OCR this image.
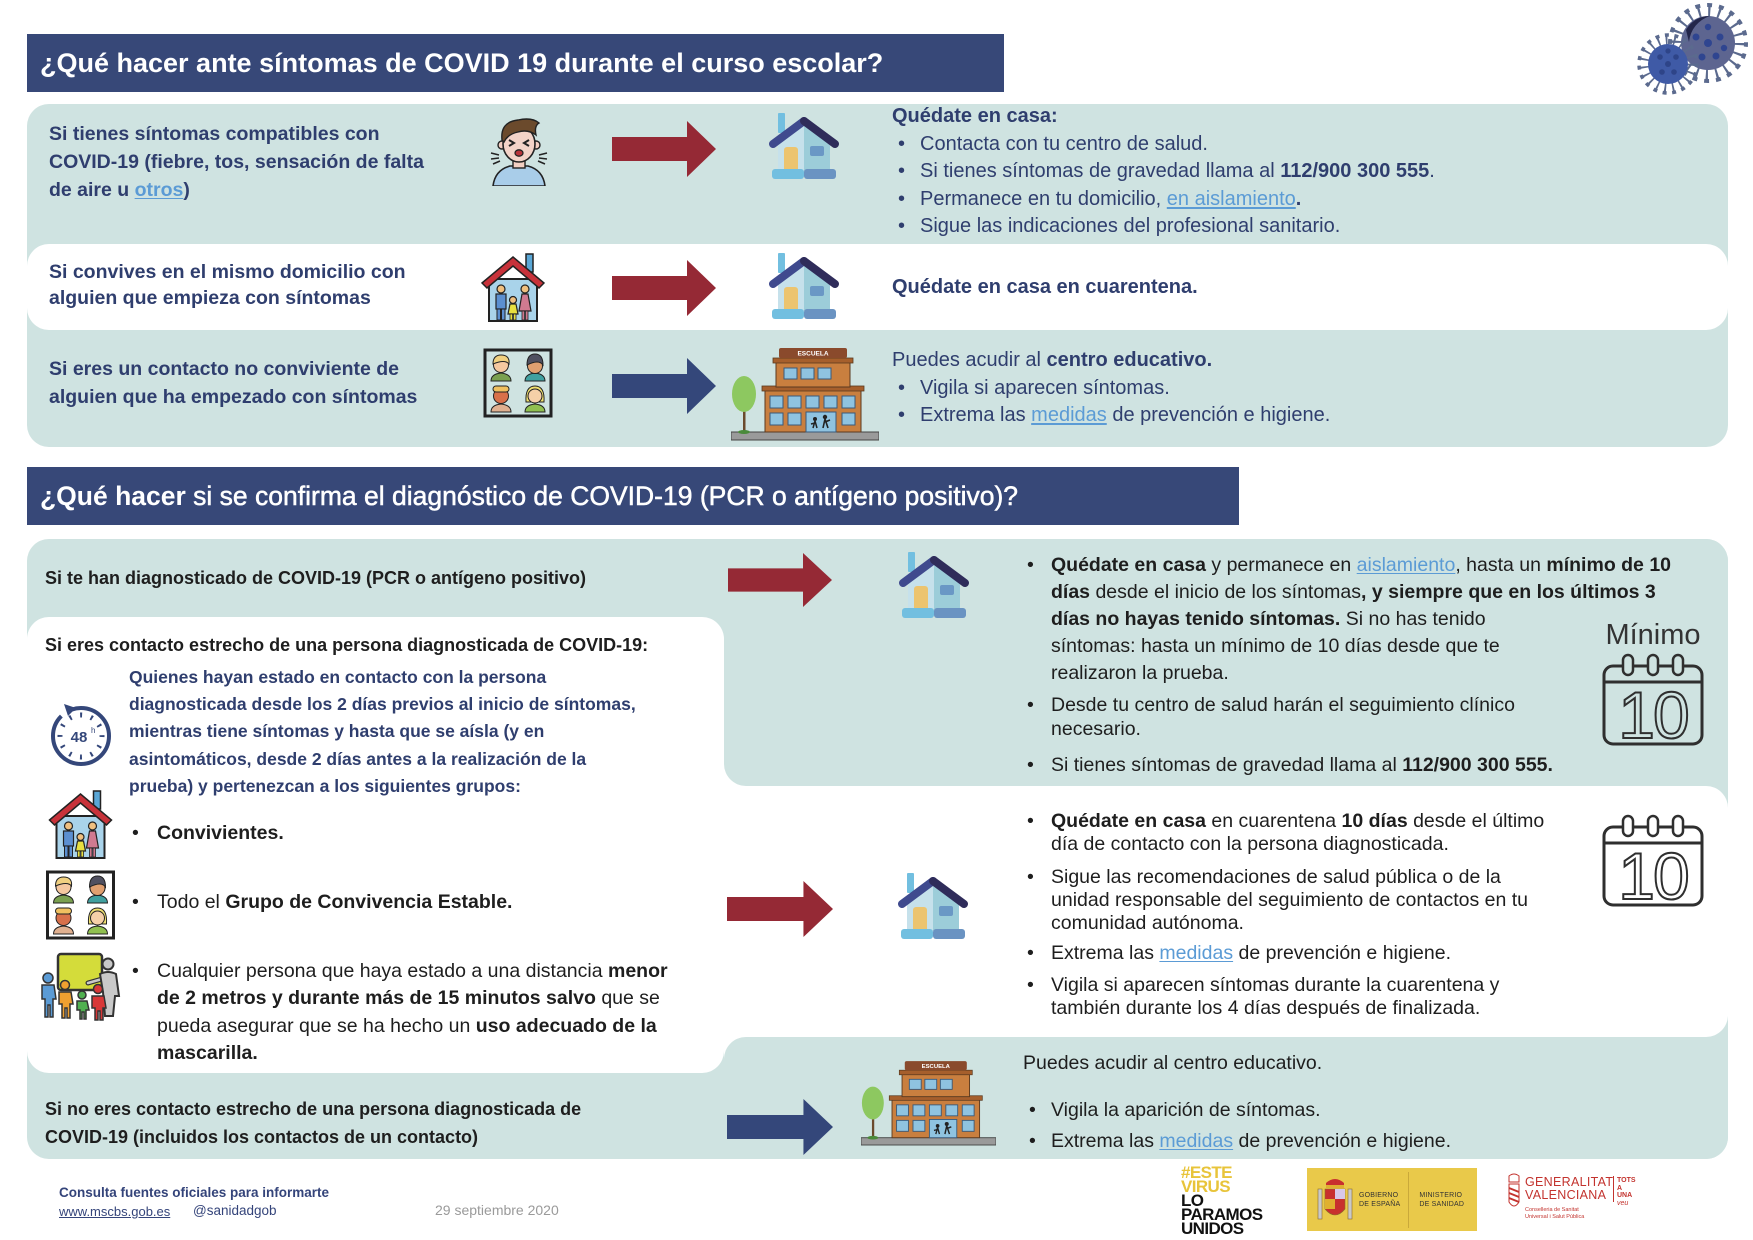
¿Qué hacer ante síntomas de COVID 19 durante el curso escolar?
Si tienes síntomas compatibles con
COVID-19 (fiebre, tos, sensación de falta
de aire u otros)
Quédate en casa:
•
Contacta con tu centro de salud.
•
Si tienes síntomas de gravedad llama al 112/900 300 555.
•
Permanece en tu domicilio, en aislamiento.
•
Sigue las indicaciones del profesional sanitario.
Si convives en el mismo domicilio con
alguien que empieza con síntomas	Quédate en casa en cuarentena.
Si eres un contacto no conviviente de
alguien que ha empezado con síntomas
Puedes acudir al centro educativo.
•
Vigila si aparecen síntomas.
•
Extrema las medidas de prevención e higiene.
¿Qué hacer si se confirma el diagnóstico de COVID-19 (PCR o antígeno positivo)?
Si te han diagnosticado de COVID-19 (PCR o antígeno positivo)
•
Quédate en casa y permanece en aislamiento, hasta un mínimo de 10
días desde el inicio de los síntomas, y siempre que en los últimos 3
días no hayas tenido síntomas. Si no has tenido
síntomas: hasta un mínimo de 10 días desde que te
realizaron la prueba.
•
Desde tu centro de salud harán el seguimiento clínico
necesario.
•
Si tienes síntomas de gravedad llama al 112/900 300 555.
Mínimo
10
Si eres contacto estrecho de una persona diagnosticada de COVID-19:
48 h
Quienes hayan estado en contacto con la persona
diagnosticada desde los 2 días previos al inicio de síntomas,
mientras tiene síntomas y hasta que se aísla (y en
asintomáticos, desde 2 días antes a la realización de la
prueba) y pertenezcan a los siguientes grupos:
•
Convivientes.
•
Todo el Grupo de Convivencia Estable.
•
Cualquier persona que haya estado a una distancia menor
de 2 metros y durante más de 15 minutos salvo que se
pueda asegurar que se ha hecho un uso adecuado de la
mascarilla.
•
Quédate en casa en cuarentena 10 días desde el último
día de contacto con la persona diagnosticada.
•
Sigue las recomendaciones de salud pública o de la
unidad responsable del seguimiento de contactos en tu
comunidad autónoma.
•
Extrema las medidas de prevención e higiene.
•
Vigila si aparecen síntomas durante la cuarentena y
también durante los 4 días después de finalizada.
10
Si no eres contacto estrecho de una persona diagnosticada de
COVID-19 (incluidos los contactos de un contacto)
Puedes acudir al centro educativo.
•
Vigila la aparición de síntomas.
•
Extrema las medidas de prevención e higiene.
Consulta fuentes oficiales para informarte
www.mscbs.gob.es @sanidadgob	29 septiembre 2020
#ESTE
VIRUS
LO
PARAMOS
UNIDOS
GOBIERNO
DE ESPAÑA
MINISTERIO
DE SANIDAD
GENERALITAT
VALENCIANA
TOTS
A UNA
veu
Conselleria de Sanitat
Universal i Salut Pública
